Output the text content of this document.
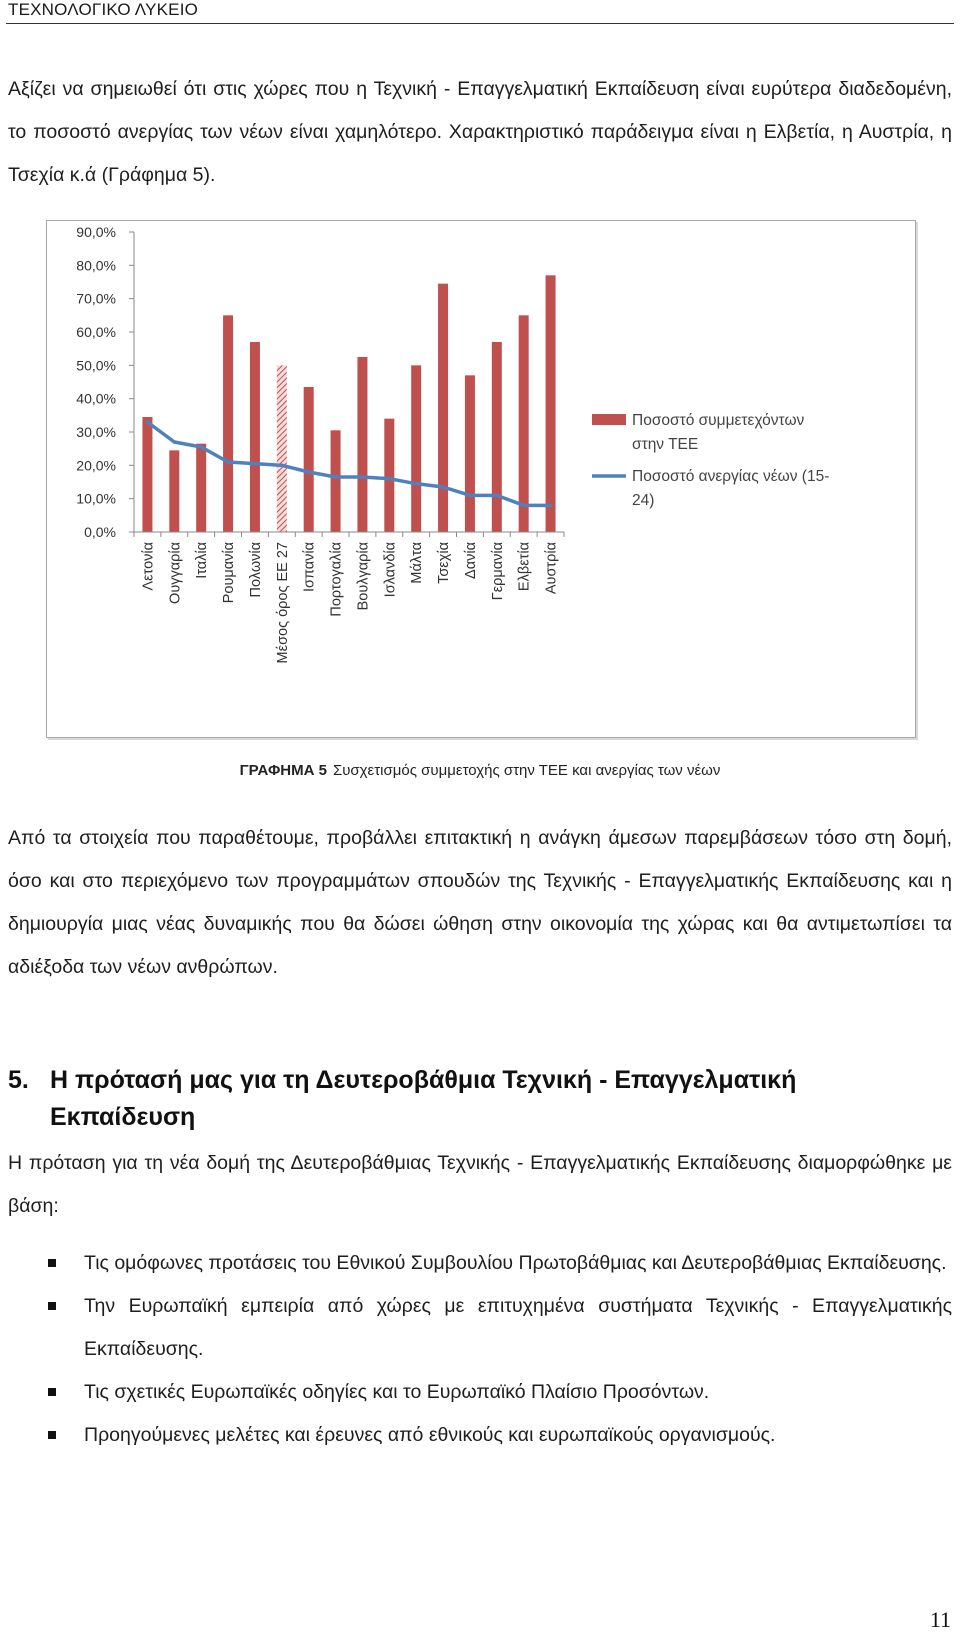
ΤΕΧΝΟΛΟΓΙΚΟ ΛΥΚΕΙΟ
Αξίζει να σημειωθεί ότι στις χώρες που η Τεχνική - Επαγγελματική Εκπαίδευση είναι ευρύτερα διαδεδομένη, το ποσοστό ανεργίας των νέων είναι χαμηλότερο. Χαρακτηριστικό παράδειγμα είναι η Ελβετία, η Αυστρία, η Τσεχία κ.ά (Γράφημα 5).
0,0%
10,0%
20,0%
30,0%
40,0%
50,0%
60,0%
70,0%
80,0%
90,0%
Λετονία Ουγγαρία Ιταλία Ρουμανία Πολωνία Μέσος όρος ΕΕ 27 Ισπανία Πορτογαλία Βουλγαρία Ισλανδία Μάλτα Τσεχία Δανία Γερμανία Ελβετία Αυστρία
Ποσοστό συμμετεχόντων στην ΤΕΕ
Ποσοστό ανεργίας νέων (15-24)
ΓΡΑΦΗΜΑ 5 Συσχετισμός συμμετοχής στην ΤΕΕ και ανεργίας των νέων
Από τα στοιχεία που παραθέτουμε, προβάλλει επιτακτική η ανάγκη άμεσων παρεμβάσεων τόσο στη δομή, όσο και στο περιεχόμενο των προγραμμάτων σπουδών της Τεχνικής - Επαγγελματικής Εκπαίδευσης και η δημιουργία μιας νέας δυναμικής που θα δώσει ώθηση στην οικονομία της χώρας και θα αντιμετωπίσει τα αδιέξοδα των νέων ανθρώπων.
5. Η πρότασή μας για τη Δευτεροβάθμια Τεχνική - Επαγγελματική
Εκπαίδευση
Η πρόταση για τη νέα δομή της Δευτεροβάθμιας Τεχνικής - Επαγγελματικής Εκπαίδευσης διαμορφώθηκε με βάση:
Τις ομόφωνες προτάσεις του Εθνικού Συμβουλίου Πρωτοβάθμιας και Δευτεροβάθμιας Εκπαίδευσης.
Την Ευρωπαϊκή εμπειρία από χώρες με επιτυχημένα συστήματα Τεχνικής - Επαγγελματικής Εκπαίδευσης.
Τις σχετικές Ευρωπαϊκές οδηγίες και το Ευρωπαϊκό Πλαίσιο Προσόντων.
Προηγούμενες μελέτες και έρευνες από εθνικούς και ευρωπαϊκούς οργανισμούς.
11
